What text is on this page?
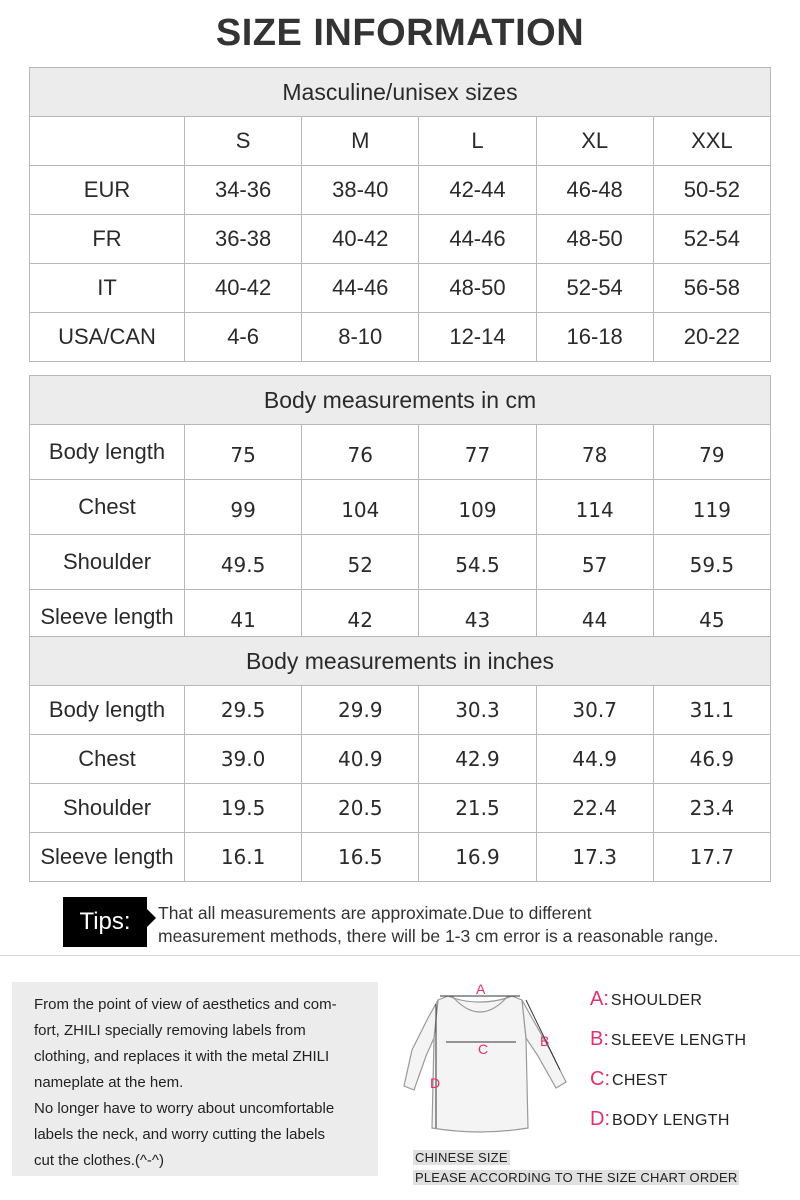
SIZE INFORMATION
Masculine/unisex sizes					
	S	M	L	XL	XXL
EUR	34-36	38-40	42-44	46-48	50-52
FR	36-38	40-42	44-46	48-50	52-54
IT	40-42	44-46	48-50	52-54	56-58
USA/CAN	4-6	8-10	12-14	16-18	20-22
Body measurements in cm					
Body length	75	76	77	78	79
Chest	99	104	109	114	119
Shoulder	49.5	52	54.5	57	59.5
Sleeve length	41	42	43	44	45
Body measurements in inches					
Body length	29.5	29.9	30.3	30.7	31.1
Chest	39.0	40.9	42.9	44.9	46.9
Shoulder	19.5	20.5	21.5	22.4	23.4
Sleeve length	16.1	16.5	16.9	17.3	17.7
Tips:	That all measurements are approximate.Due to different
measurement methods, there will be 1-3 cm error is a reasonable range.

From the point of view of aesthetics and com-
fort, ZHILI specially removing labels from
clothing, and replaces it with the metal ZHILI
nameplate at the hem.
No longer have to worry about uncomfortable
labels the neck, and worry cutting the labels
cut the clothes.(^-^)

A
B
C
D
A: SHOULDER
B: SLEEVE LENGTH
C: CHEST
D: BODY LENGTH
CHINESE SIZE
PLEASE ACCORDING TO THE SIZE CHART ORDER
